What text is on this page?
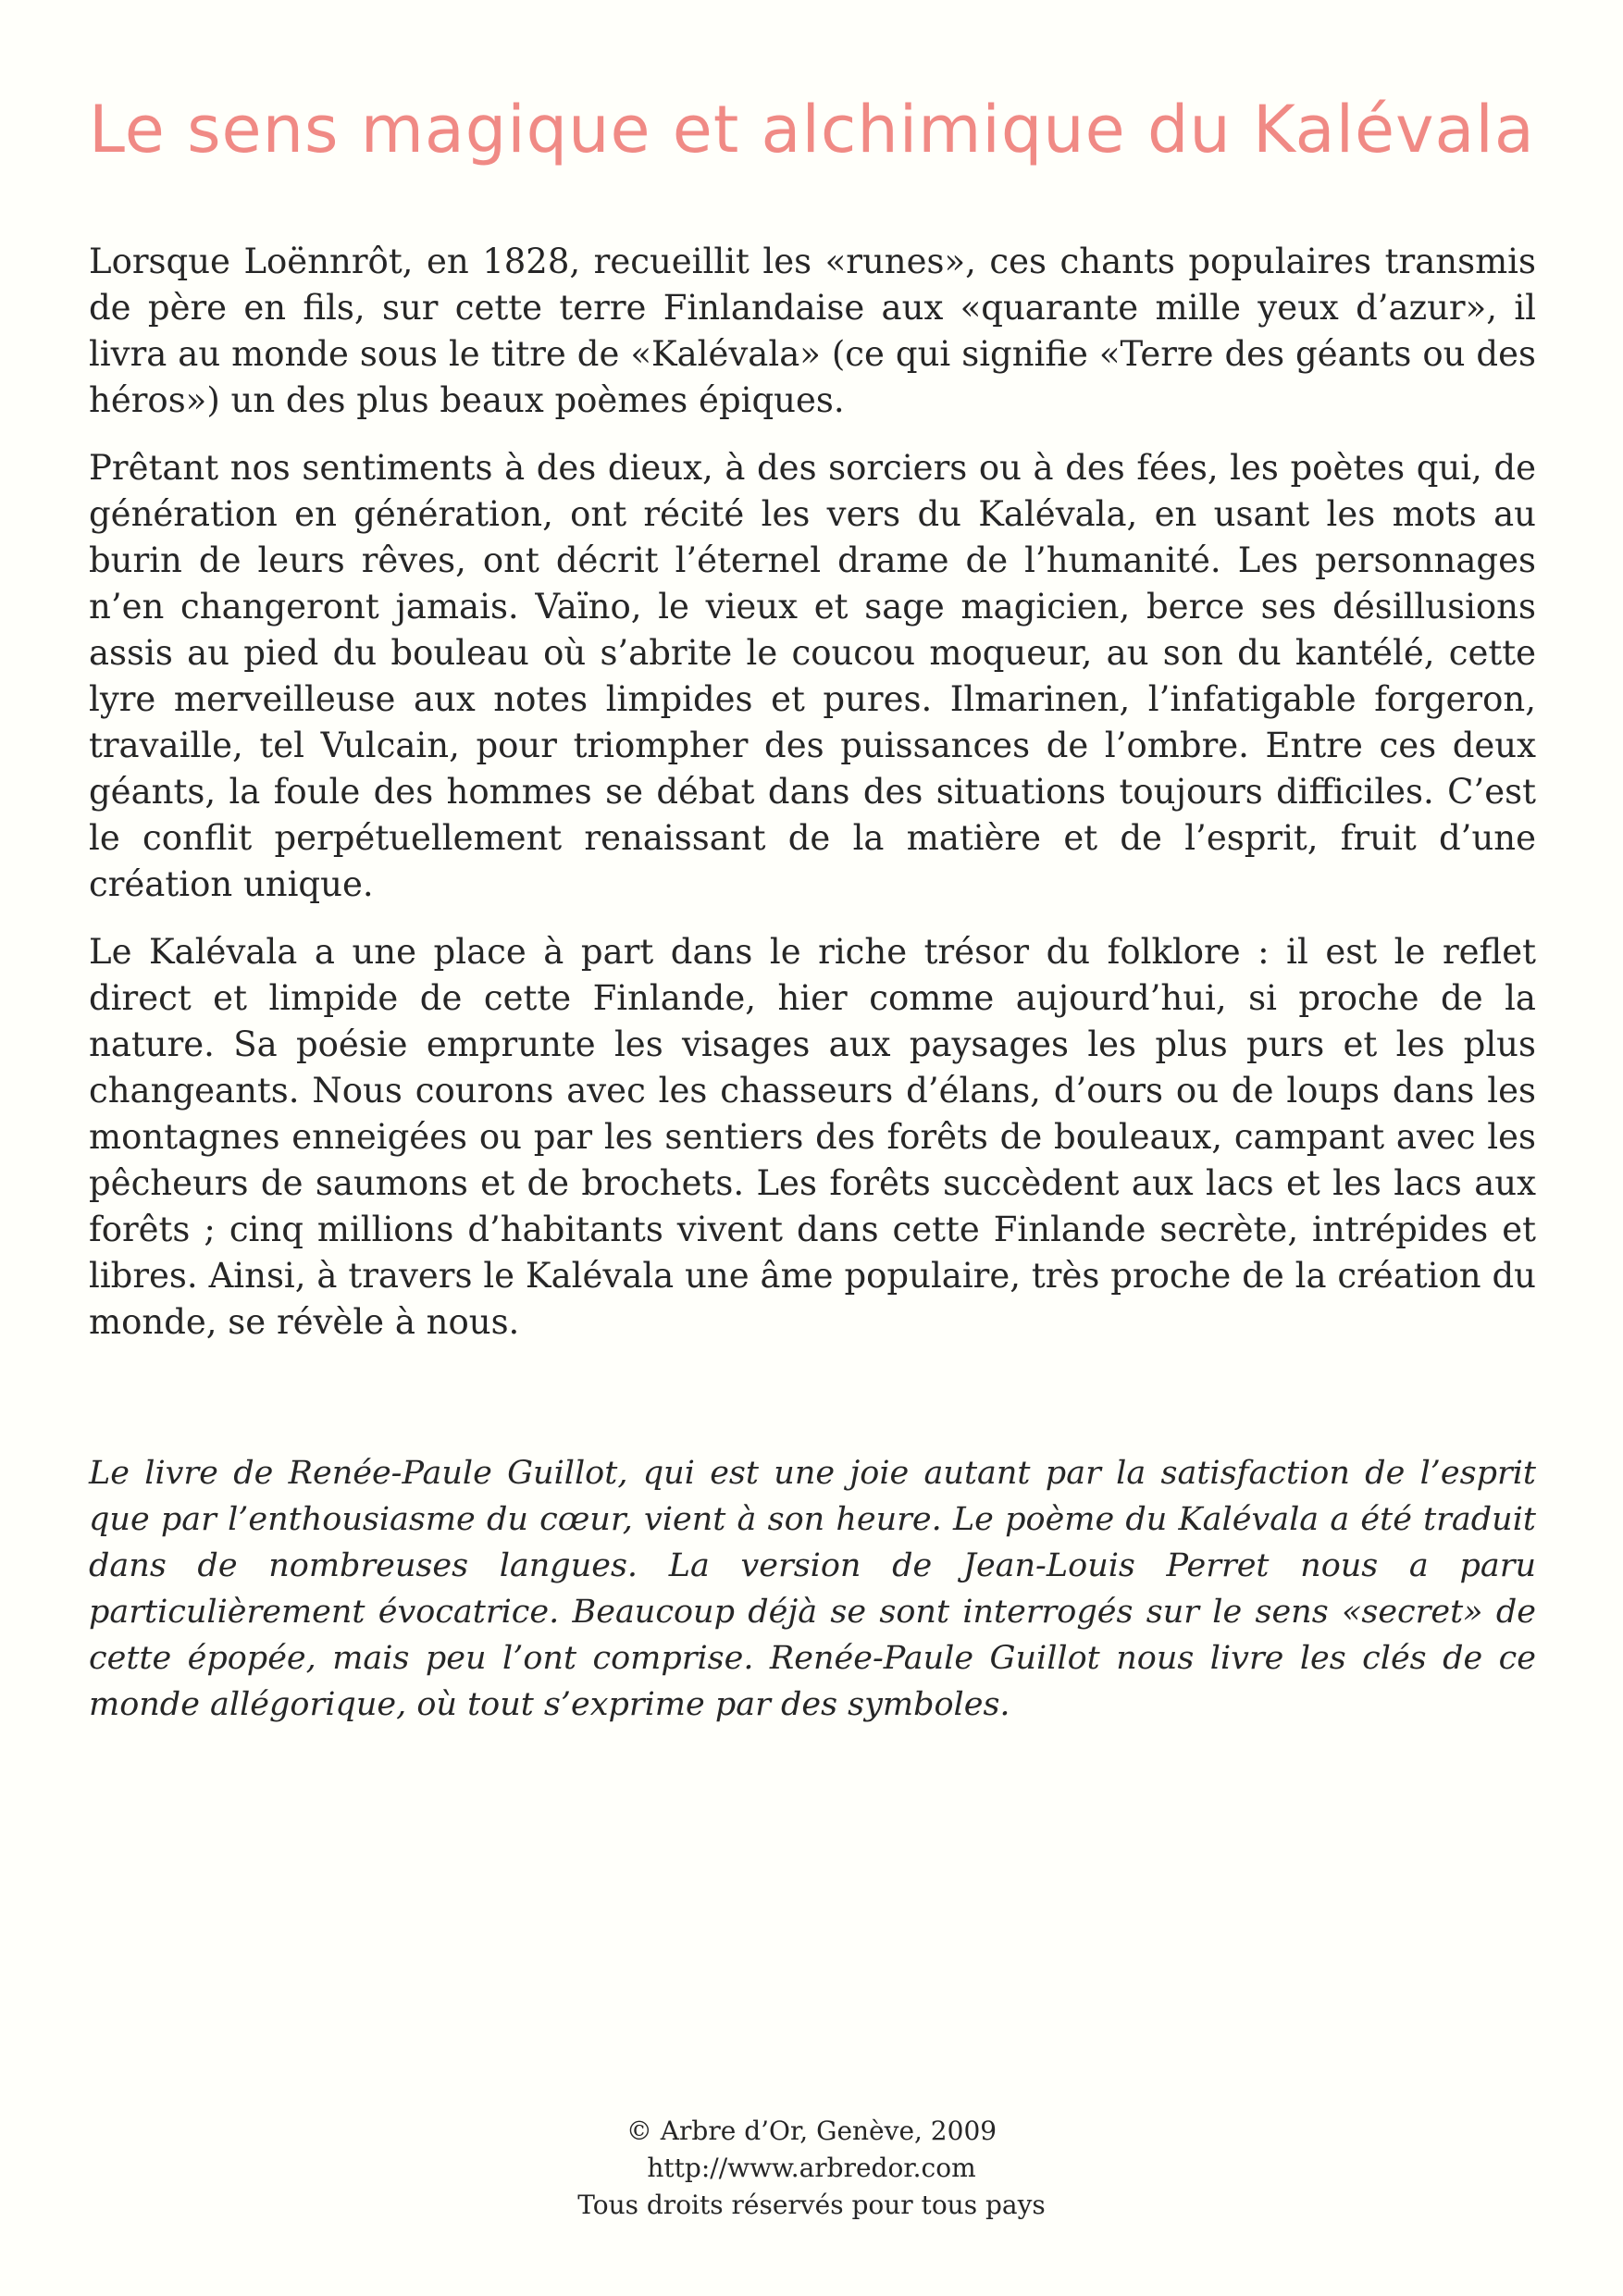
Le sens magique et alchimique du Kalévala

Lorsque Loënnrôt, en 1828, recueillit les «runes», ces chants populaires transmis de père en fils, sur cette terre Finlandaise aux «quarante mille yeux d’azur», il livra au monde sous le titre de «Kalévala» (ce qui signifie «Terre des géants ou des héros») un des plus beaux poèmes épiques.

Prêtant nos sentiments à des dieux, à des sorciers ou à des fées, les poètes qui, de génération en génération, ont récité les vers du Kalévala, en usant les mots au burin de leurs rêves, ont décrit l’éternel drame de l’humanité. Les personnages n’en changeront jamais. Vaïno, le vieux et sage magicien, berce ses désillusions assis au pied du bouleau où s’abrite le coucou moqueur, au son du kantélé, cette lyre merveilleuse aux notes limpides et pures. Ilmarinen, l’infatigable forgeron, travaille, tel Vulcain, pour triompher des puissances de l’ombre. Entre ces deux géants, la foule des hommes se débat dans des situations toujours difficiles. C’est le conflit perpétuellement renaissant de la matière et de l’esprit, fruit d’une création unique.

Le Kalévala a une place à part dans le riche trésor du folklore : il est le reflet direct et limpide de cette Finlande, hier comme aujourd’hui, si proche de la nature. Sa poésie emprunte les visages aux paysages les plus purs et les plus changeants. Nous courons avec les chasseurs d’élans, d’ours ou de loups dans les montagnes enneigées ou par les sentiers des forêts de bouleaux, campant avec les pêcheurs de saumons et de brochets. Les forêts succèdent aux lacs et les lacs aux forêts ; cinq millions d’habitants vivent dans cette Finlande secrète, intrépides et libres. Ainsi, à travers le Kalévala une âme populaire, très proche de la création du monde, se révèle à nous.

Le livre de Renée-Paule Guillot, qui est une joie autant par la satisfaction de l’esprit que par l’enthousiasme du cœur, vient à son heure. Le poème du Kalévala a été traduit dans de nombreuses langues. La version de Jean-Louis Perret nous a paru particulièrement évocatrice. Beaucoup déjà se sont interrogés sur le sens «secret» de cette épopée, mais peu l’ont comprise. Renée-Paule Guillot nous livre les clés de ce monde allégorique, où tout s’exprime par des symboles.

© Arbre d’Or, Genève, 2009
http://www.arbredor.com
Tous droits réservés pour tous pays
